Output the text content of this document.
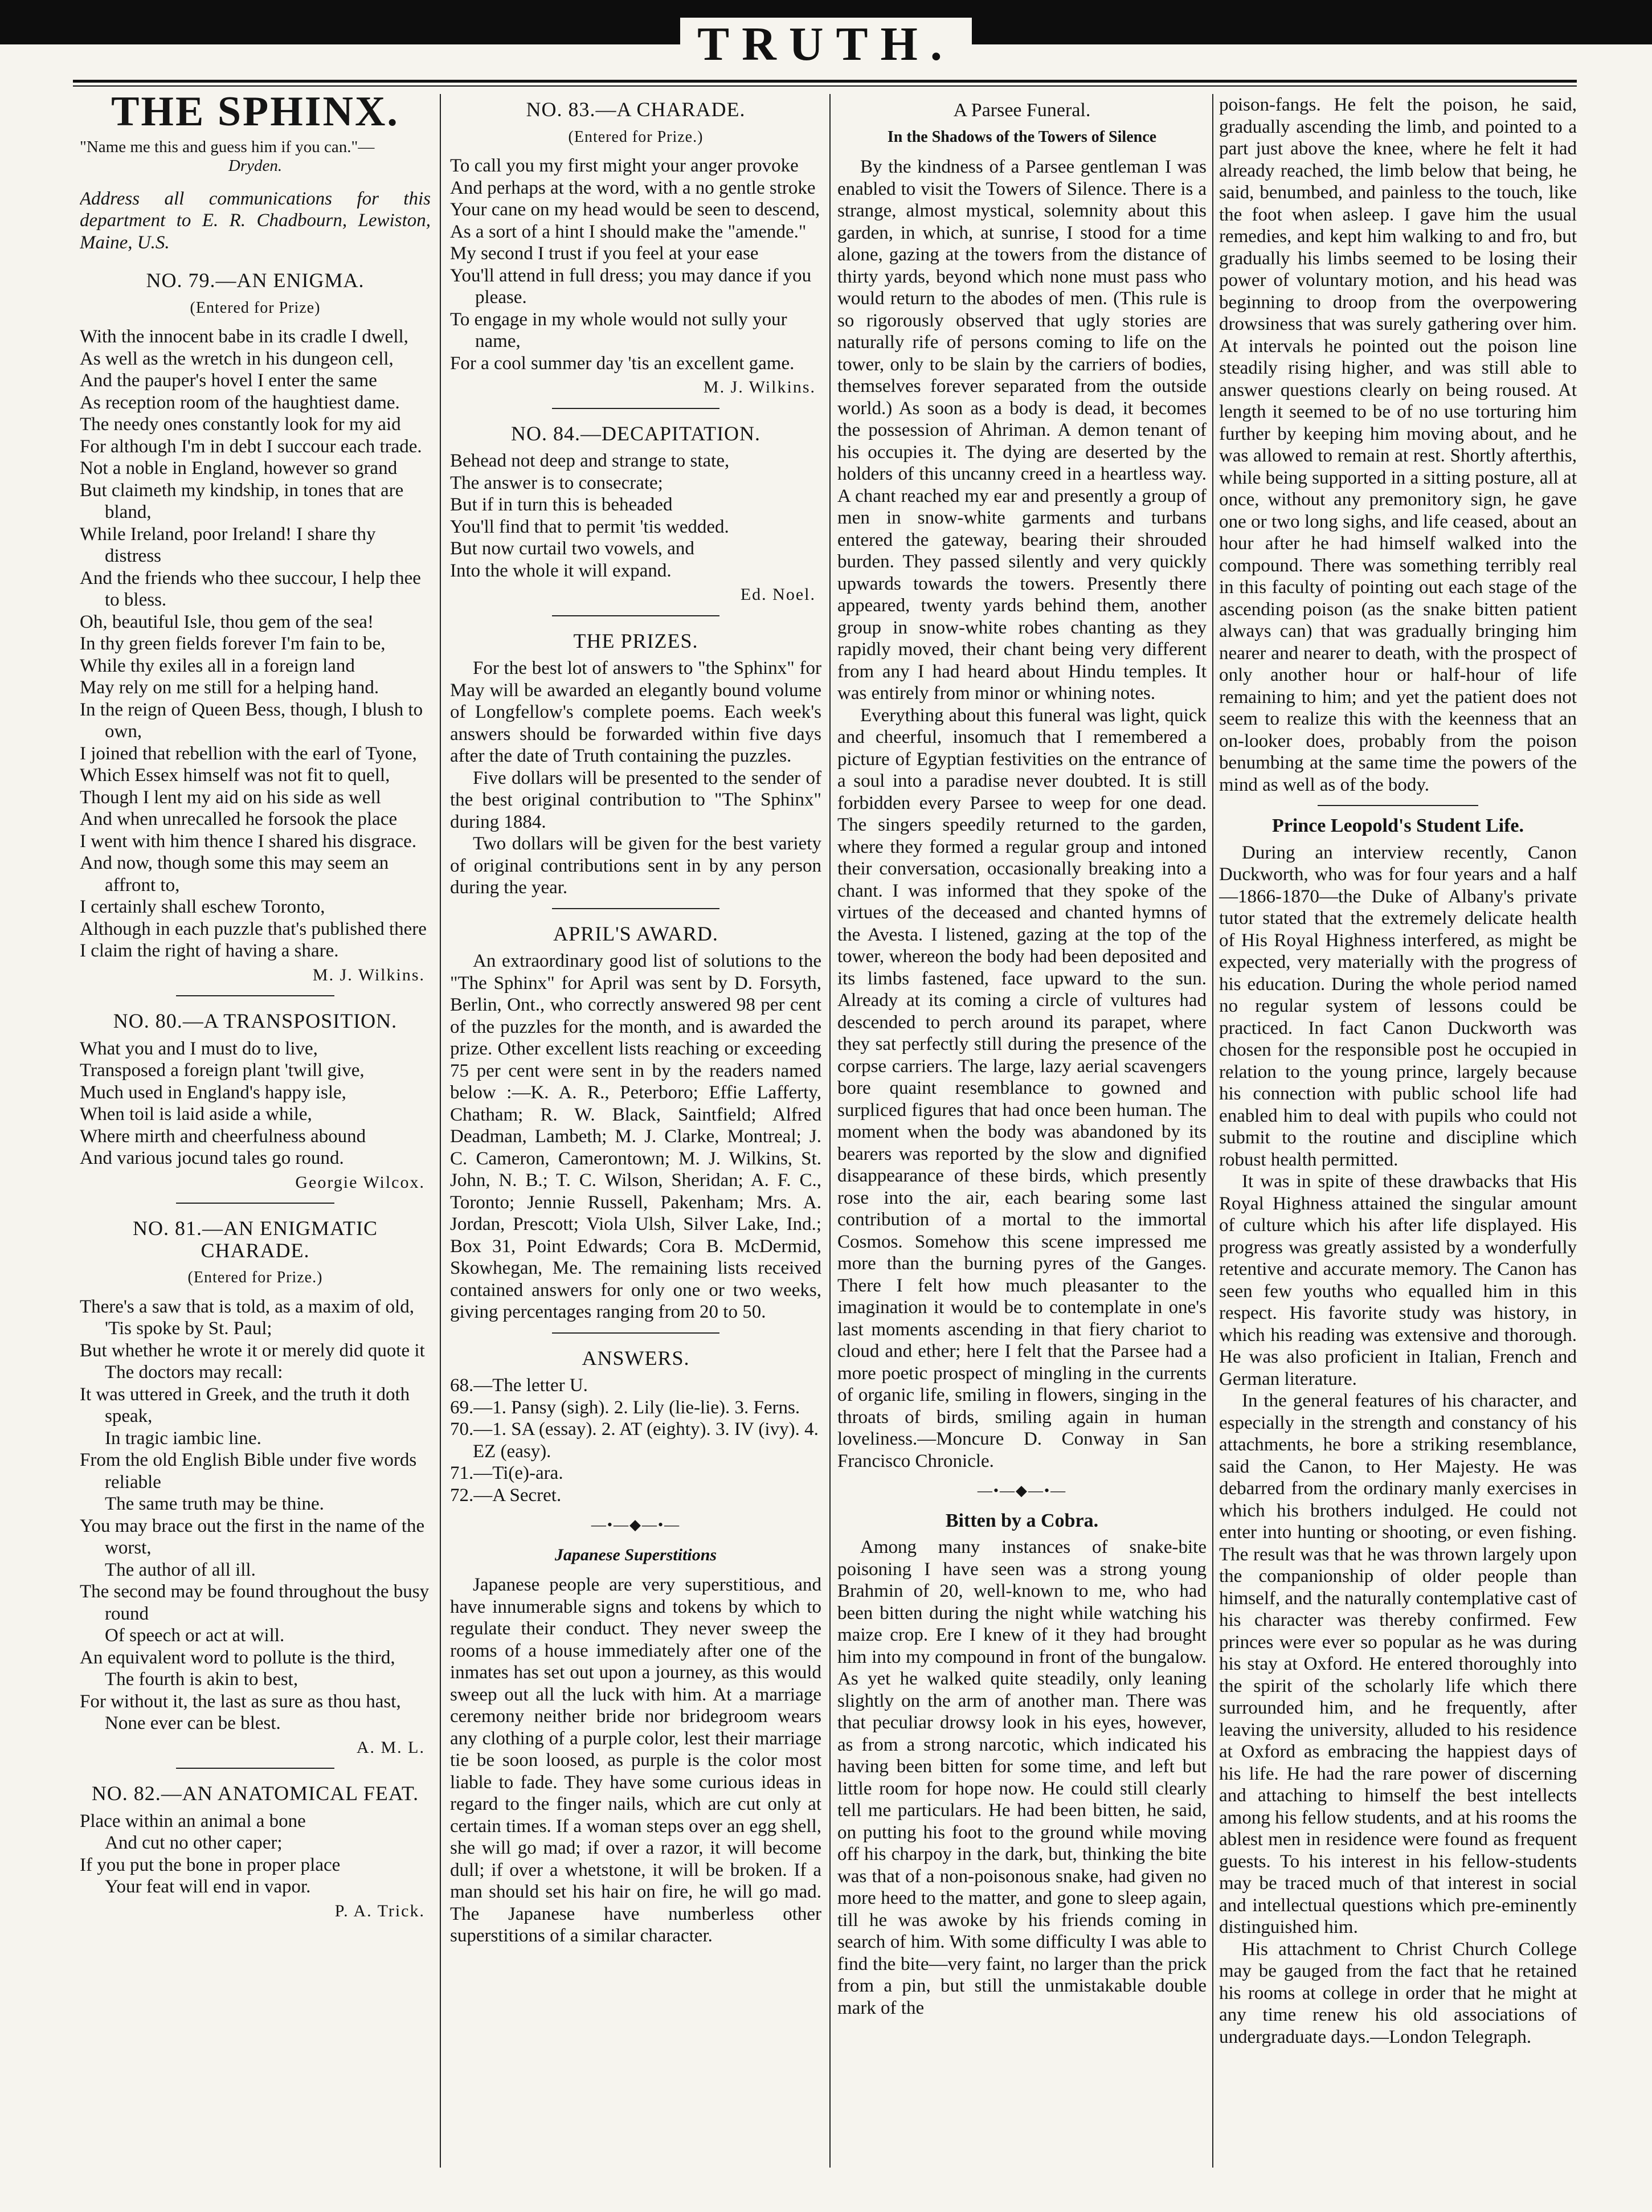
TRUTH.
THE SPHINX.
"Name me this and guess him if you can."—
Dryden.

Address all communications for this department to E. R. Chadbourn, Lewiston, Maine, U.S.

NO. 79.—AN ENIGMA.
(Entered for Prize)
With the innocent babe in its cradle I dwell,
As well as the wretch in his dungeon cell,
And the pauper's hovel I enter the same
As reception room of the haughtiest dame.
The needy ones constantly look for my aid
For although I'm in debt I succour each trade.
Not a noble in England, however so grand
But claimeth my kindship, in tones that are bland,
While Ireland, poor Ireland! I share thy distress
And the friends who thee succour, I help thee to bless.
Oh, beautiful Isle, thou gem of the sea!
In thy green fields forever I'm fain to be,
While thy exiles all in a foreign land
May rely on me still for a helping hand.
In the reign of Queen Bess, though, I blush to own,
I joined that rebellion with the earl of Tyone,
Which Essex himself was not fit to quell,
Though I lent my aid on his side as well
And when unrecalled he forsook the place
I went with him thence I shared his disgrace.
And now, though some this may seem an affront to,
I certainly shall eschew Toronto,
Although in each puzzle that's published there
I claim the right of having a share.
M. J. Wilkins.
NO. 80.—A TRANSPOSITION.
What you and I must do to live,
Transposed a foreign plant 'twill give,
Much used in England's happy isle,
When toil is laid aside a while,
Where mirth and cheerfulness abound
And various jocund tales go round.
Georgie Wilcox.
NO. 81.—AN ENIGMATIC CHARADE.
(Entered for Prize.)
There's a saw that is told, as a maxim of old,
'Tis spoke by St. Paul;
But whether he wrote it or merely did quote it
The doctors may recall:
It was uttered in Greek, and the truth it doth speak,
In tragic iambic line.
From the old English Bible under five words reliable
The same truth may be thine.
You may brace out the first in the name of the worst,
The author of all ill.
The second may be found throughout the busy round
Of speech or act at will.
An equivalent word to pollute is the third,
The fourth is akin to best,
For without it, the last as sure as thou hast,
None ever can be blest.
A. M. L.
NO. 82.—AN ANATOMICAL FEAT.
Place within an animal a bone
And cut no other caper;
If you put the bone in proper place
Your feat will end in vapor.
P. A. Trick.
NO. 83.—A CHARADE.
(Entered for Prize.)
To call you my first might your anger provoke
And perhaps at the word, with a no gentle stroke
Your cane on my head would be seen to descend,
As a sort of a hint I should make the "amende."
My second I trust if you feel at your ease
You'll attend in full dress; you may dance if you please.
To engage in my whole would not sully your name,
For a cool summer day 'tis an excellent game.
M. J. Wilkins.
NO. 84.—DECAPITATION.
Behead not deep and strange to state,
The answer is to consecrate;
But if in turn this is beheaded
You'll find that to permit 'tis wedded.
But now curtail two vowels, and
Into the whole it will expand.
Ed. Noel.
THE PRIZES.

For the best lot of answers to "the Sphinx" for May will be awarded an elegantly bound volume of Longfellow's complete poems. Each week's answers should be forwarded within five days after the date of Truth containing the puzzles.

Five dollars will be presented to the sender of the best original contribution to "The Sphinx" during 1884.

Two dollars will be given for the best variety of original contributions sent in by any person during the year.

APRIL'S AWARD.

An extraordinary good list of solutions to the "The Sphinx" for April was sent by D. Forsyth, Berlin, Ont., who correctly answered 98 per cent of the puzzles for the month, and is awarded the prize. Other excellent lists reaching or exceeding 75 per cent were sent in by the readers named below :—K. A. R., Peterboro; Effie Lafferty, Chatham; R. W. Black, Saintfield; Alfred Deadman, Lambeth; M. J. Clarke, Montreal; J. C. Cameron, Camerontown; M. J. Wilkins, St. John, N. B.; T. C. Wilson, Sheridan; A. F. C., Toronto; Jennie Russell, Pakenham; Mrs. A. Jordan, Prescott; Viola Ulsh, Silver Lake, Ind.; Box 31, Point Edwards; Cora B. McDermid, Skowhegan, Me. The remaining lists received contained answers for only one or two weeks, giving percentages ranging from 20 to 50.

ANSWERS.

68.—The letter U.

69.—1. Pansy (sigh). 2. Lily (lie-lie). 3. Ferns.

70.—1. SA (essay). 2. AT (eighty). 3. IV (ivy). 4. EZ (easy).

71.—Ti(e)-ara.

72.—A Secret.

—•—◆—•—
Japanese Superstitions

Japanese people are very superstitious, and have innumerable signs and tokens by which to regulate their conduct. They never sweep the rooms of a house immediately after one of the inmates has set out upon a journey, as this would sweep out all the luck with him. At a marriage ceremony neither bride nor bridegroom wears any clothing of a purple color, lest their marriage tie be soon loosed, as purple is the color most liable to fade. They have some curious ideas in regard to the finger nails, which are cut only at certain times. If a woman steps over an egg shell, she will go mad; if over a razor, it will become dull; if over a whetstone, it will be broken. If a man should set his hair on fire, he will go mad. The Japanese have numberless other superstitions of a similar character.

A Parsee Funeral.
In the Shadows of the Towers of Silence

By the kindness of a Parsee gentleman I was enabled to visit the Towers of Silence. There is a strange, almost mystical, solemnity about this garden, in which, at sunrise, I stood for a time alone, gazing at the towers from the distance of thirty yards, beyond which none must pass who would return to the abodes of men. (This rule is so rigorously observed that ugly stories are naturally rife of persons coming to life on the tower, only to be slain by the carriers of bodies, themselves forever separated from the outside world.) As soon as a body is dead, it becomes the possession of Ahriman. A demon tenant of his occupies it. The dying are deserted by the holders of this uncanny creed in a heartless way. A chant reached my ear and presently a group of men in snow-white garments and turbans entered the gateway, bearing their shrouded burden. They passed silently and very quickly upwards towards the towers. Presently there appeared, twenty yards behind them, another group in snow-white robes chanting as they rapidly moved, their chant being very different from any I had heard about Hindu temples. It was entirely from minor or whining notes.

Everything about this funeral was light, quick and cheerful, insomuch that I remembered a picture of Egyptian festivities on the entrance of a soul into a paradise never doubted. It is still forbidden every Parsee to weep for one dead. The singers speedily returned to the garden, where they formed a regular group and intoned their conversation, occasionally breaking into a chant. I was informed that they spoke of the virtues of the deceased and chanted hymns of the Avesta. I listened, gazing at the top of the tower, whereon the body had been deposited and its limbs fastened, face upward to the sun. Already at its coming a circle of vultures had descended to perch around its parapet, where they sat perfectly still during the presence of the corpse carriers. The large, lazy aerial scavengers bore quaint resemblance to gowned and surpliced figures that had once been human. The moment when the body was abandoned by its bearers was reported by the slow and dignified disappearance of these birds, which presently rose into the air, each bearing some last contribution of a mortal to the immortal Cosmos. Somehow this scene impressed me more than the burning pyres of the Ganges. There I felt how much pleasanter to the imagination it would be to contemplate in one's last moments ascending in that fiery chariot to cloud and ether; here I felt that the Parsee had a more poetic prospect of mingling in the currents of organic life, smiling in flowers, singing in the throats of birds, smiling again in human loveliness.—Moncure D. Conway in San Francisco Chronicle.

—•—◆—•—
Bitten by a Cobra.

Among many instances of snake-bite poisoning I have seen was a strong young Brahmin of 20, well-known to me, who had been bitten during the night while watching his maize crop. Ere I knew of it they had brought him into my compound in front of the bungalow. As yet he walked quite steadily, only leaning slightly on the arm of another man. There was that peculiar drowsy look in his eyes, however, as from a strong narcotic, which indicated his having been bitten for some time, and left but little room for hope now. He could still clearly tell me particulars. He had been bitten, he said, on putting his foot to the ground while moving off his charpoy in the dark, but, thinking the bite was that of a non-poisonous snake, had given no more heed to the matter, and gone to sleep again, till he was awoke by his friends coming in search of him. With some difficulty I was able to find the bite—very faint, no larger than the prick from a pin, but still the unmistakable double mark of the

poison-fangs. He felt the poison, he said, gradually ascending the limb, and pointed to a part just above the knee, where he felt it had already reached, the limb below that being, he said, benumbed, and painless to the touch, like the foot when asleep. I gave him the usual remedies, and kept him walking to and fro, but gradually his limbs seemed to be losing their power of voluntary motion, and his head was beginning to droop from the overpowering drowsiness that was surely gathering over him. At intervals he pointed out the poison line steadily rising higher, and was still able to answer questions clearly on being roused. At length it seemed to be of no use torturing him further by keeping him moving about, and he was allowed to remain at rest. Shortly afterthis, while being supported in a sitting posture, all at once, without any premonitory sign, he gave one or two long sighs, and life ceased, about an hour after he had himself walked into the compound. There was something terribly real in this faculty of pointing out each stage of the ascending poison (as the snake bitten patient always can) that was gradually bringing him nearer and nearer to death, with the prospect of only another hour or half-hour of life remaining to him; and yet the patient does not seem to realize this with the keenness that an on-looker does, probably from the poison benumbing at the same time the powers of the mind as well as of the body.

Prince Leopold's Student Life.

During an interview recently, Canon Duckworth, who was for four years and a half—1866-1870—the Duke of Albany's private tutor stated that the extremely delicate health of His Royal Highness interfered, as might be expected, very materially with the progress of his education. During the whole period named no regular system of lessons could be practiced. In fact Canon Duckworth was chosen for the responsible post he occupied in relation to the young prince, largely because his connection with public school life had enabled him to deal with pupils who could not submit to the routine and discipline which robust health permitted.

It was in spite of these drawbacks that His Royal Highness attained the singular amount of culture which his after life displayed. His progress was greatly assisted by a wonderfully retentive and accurate memory. The Canon has seen few youths who equalled him in this respect. His favorite study was history, in which his reading was extensive and thorough. He was also proficient in Italian, French and German literature.

In the general features of his character, and especially in the strength and constancy of his attachments, he bore a striking resemblance, said the Canon, to Her Majesty. He was debarred from the ordinary manly exercises in which his brothers indulged. He could not enter into hunting or shooting, or even fishing. The result was that he was thrown largely upon the companionship of older people than himself, and the naturally contemplative cast of his character was thereby confirmed. Few princes were ever so popular as he was during his stay at Oxford. He entered thoroughly into the spirit of the scholarly life which there surrounded him, and he frequently, after leaving the university, alluded to his residence at Oxford as embracing the happiest days of his life. He had the rare power of discerning and attaching to himself the best intellects among his fellow students, and at his rooms the ablest men in residence were found as frequent guests. To his interest in his fellow-students may be traced much of that interest in social and intellectual questions which pre-eminently distinguished him.

His attachment to Christ Church College may be gauged from the fact that he retained his rooms at college in order that he might at any time renew his old associations of undergraduate days.—London Telegraph.
